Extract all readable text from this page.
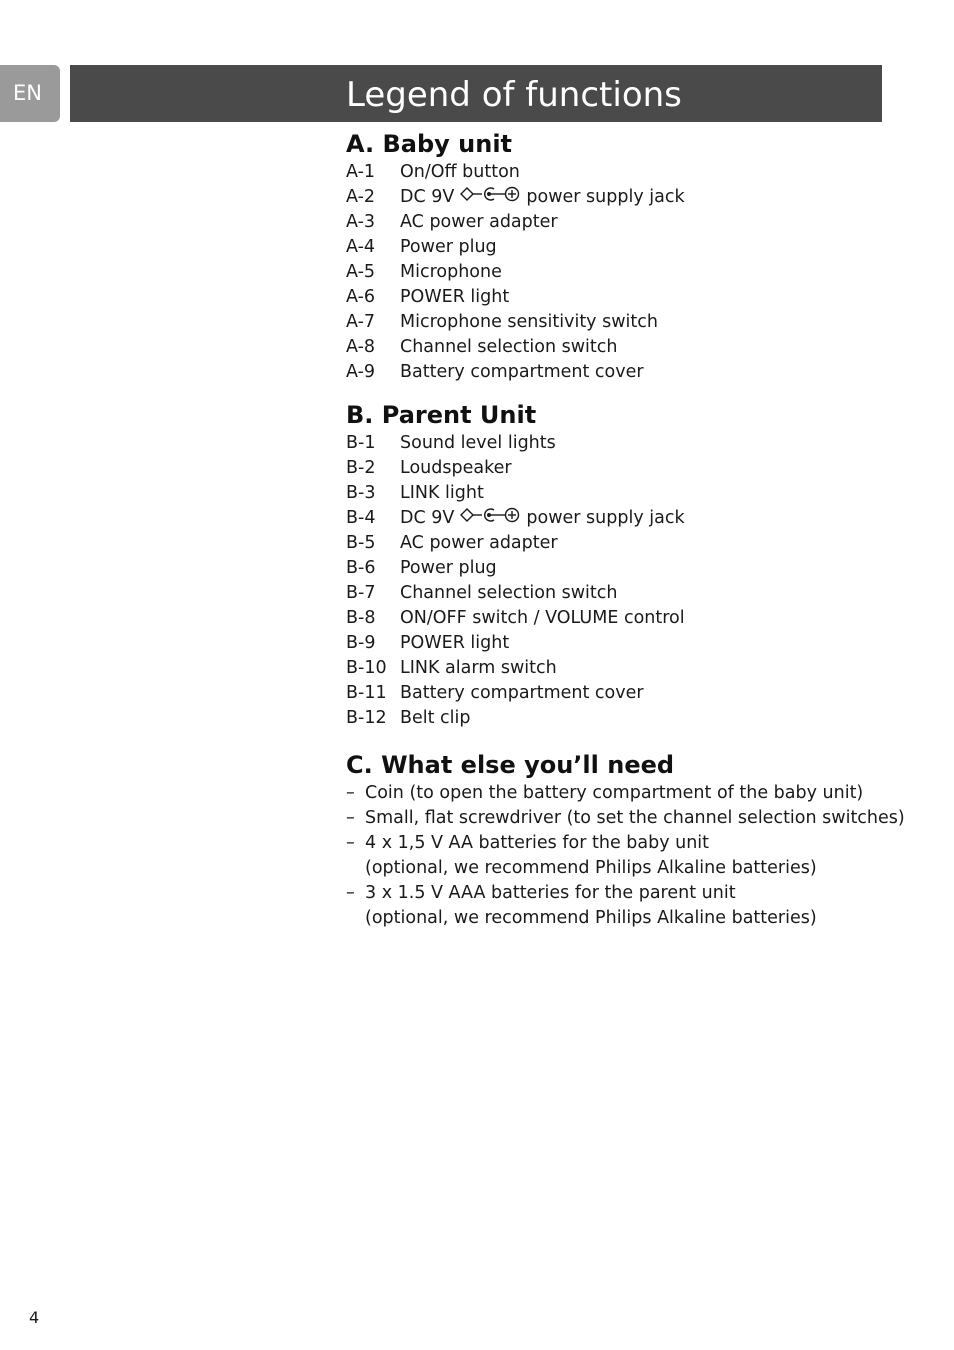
EN	Legend of functions
A. Baby unit
A-1	On/Off button
A-2	DC 9V	power supply jack
A-3	AC power adapter
A-4	Power plug
A-5	Microphone
A-6	POWER light
A-7	Microphone sensitivity switch
A-8	Channel selection switch
A-9	Battery compartment cover
B. Parent Unit
B-1	Sound level lights
B-2	Loudspeaker
B-3	LINK light
B-4	DC 9V	power supply jack
B-5	AC power adapter
B-6	Power plug
B-7	Channel selection switch
B-8	ON/OFF switch / VOLUME control
B-9	POWER light
B-10 LINK alarm switch
B-11 Battery compartment cover
B-12 Belt clip
C. What else you’ll need
– Coin (to open the battery compartment of the baby unit)
– Small, flat screwdriver (to set the channel selection switches)
– 4 x 1,5 V AA batteries for the baby unit
(optional, we recommend Philips Alkaline batteries)
– 3 x 1.5 V AAA batteries for the parent unit
(optional, we recommend Philips Alkaline batteries)
4
